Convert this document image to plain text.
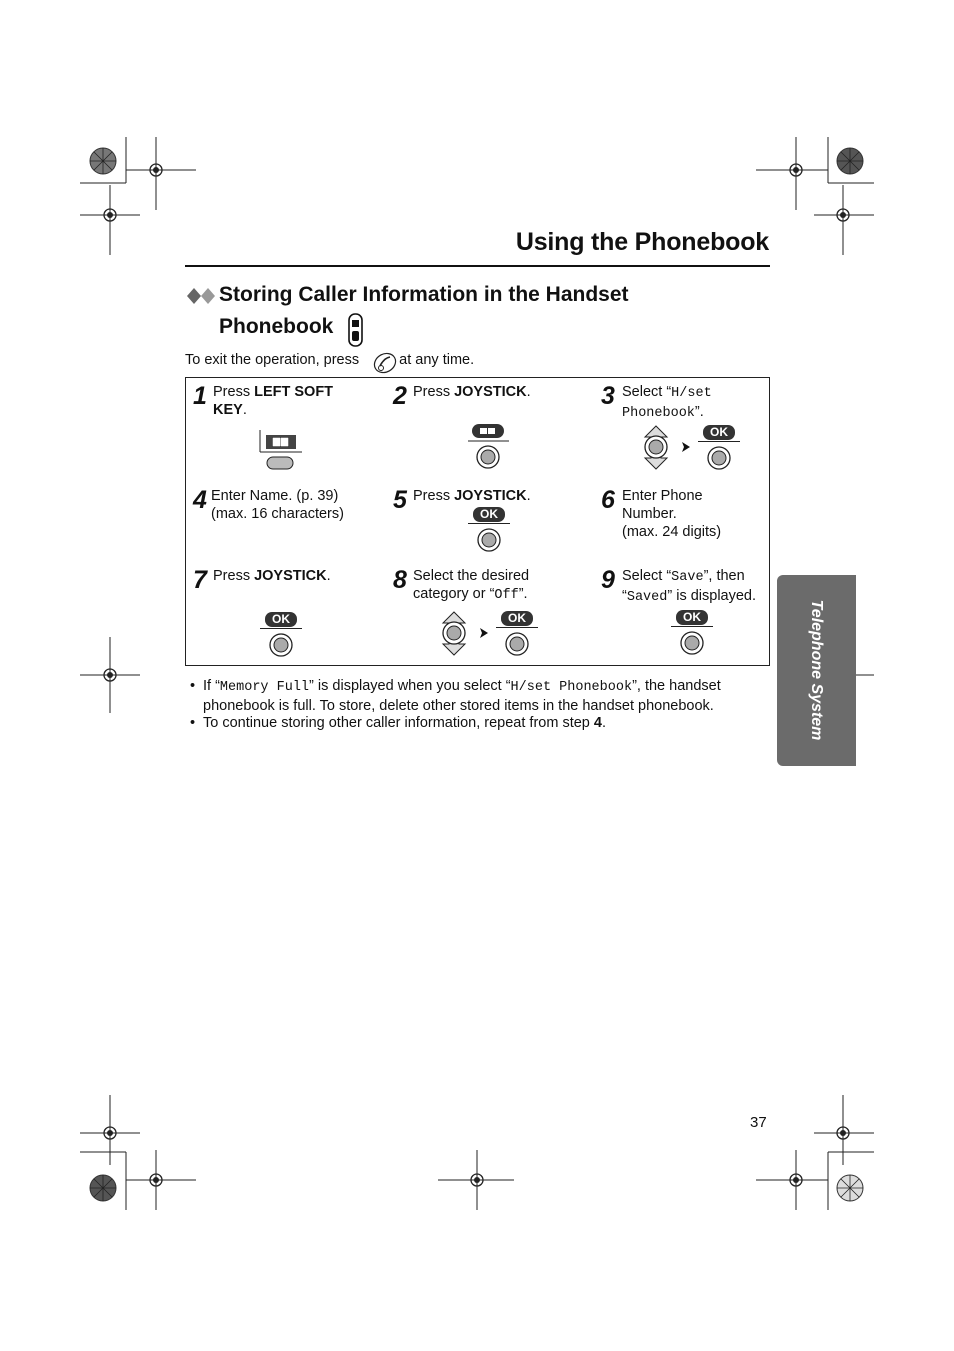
Using the Phonebook
Storing Caller Information in the Handset
Phonebook
To exit the operation, press	at any time.
1 Press LEFT SOFT
KEY.	2 Press JOYSTICK.	3 Select “H/set
Phonebook”.
OK
4 Enter Name. (p. 39)
(max. 16 characters)	5 Press JOYSTICK.
OK	6 Enter Phone
Number.
(max. 24 digits)
7 Press JOYSTICK.
OK
8 Select the desired
category or “Off”.
OK
9 Select “Save”, then
“Saved” is displayed.
OK
• If “Memory Full” is displayed when you select “H/set Phonebook”, the handset
phonebook is full. To store, delete other stored items in the handset phonebook.
• To continue storing other caller information, repeat from step 4.	Telephone System
37
